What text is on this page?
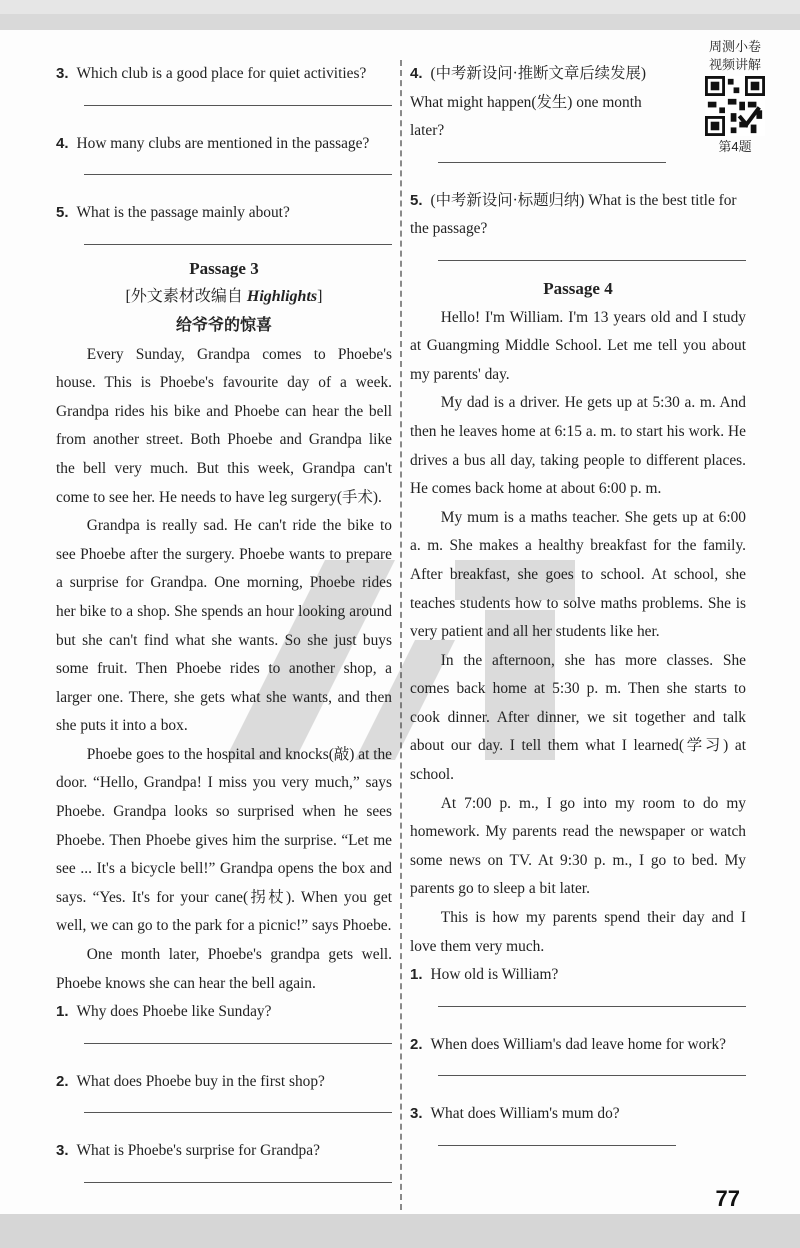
3. Which club is a good place for quiet activities?
4. How many clubs are mentioned in the passage?
5. What is the passage mainly about?
Passage 3
[外文素材改编自 Highlights]
给爷爷的惊喜

Every Sunday, Grandpa comes to Phoebe's house. This is Phoebe's favourite day of a week. Grandpa rides his bike and Phoebe can hear the bell from another street. Both Phoebe and Grandpa like the bell very much. But this week, Grandpa can't come to see her. He needs to have leg surgery(手术).

Grandpa is really sad. He can't ride the bike to see Phoebe after the surgery. Phoebe wants to prepare a surprise for Grandpa. One morning, Phoebe rides her bike to a shop. She spends an hour looking around but she can't find what she wants. So she just buys some fruit. Then Phoebe rides to another shop, a larger one. There, she gets what she wants, and then she puts it into a box.

Phoebe goes to the hospital and knocks(敲) at the door. “Hello, Grandpa! I miss you very much,” says Phoebe. Grandpa looks so surprised when he sees Phoebe. Then Phoebe gives him the surprise. “Let me see ... It's a bicycle bell!” Grandpa opens the box and says. “Yes. It's for your cane(拐杖). When you get well, we can go to the park for a picnic!” says Phoebe.

One month later, Phoebe's grandpa gets well. Phoebe knows she can hear the bell again.

1. Why does Phoebe like Sunday?
2. What does Phoebe buy in the first shop?
3. What is Phoebe's surprise for Grandpa?
4. (中考新设问·推断文章后续发展) What might happen(发生) one month later?
5. (中考新设问·标题归纳) What is the best title for the passage?
Passage 4

Hello! I'm William. I'm 13 years old and I study at Guangming Middle School. Let me tell you about my parents' day.

My dad is a driver. He gets up at 5:30 a. m. And then he leaves home at 6:15 a. m. to start his work. He drives a bus all day, taking people to different places. He comes back home at about 6:00 p. m.

My mum is a maths teacher. She gets up at 6:00 a. m. She makes a healthy breakfast for the family. After breakfast, she goes to school. At school, she teaches students how to solve maths problems. She is very patient and all her students like her.

In the afternoon, she has more classes. She comes back home at 5:30 p. m. Then she starts to cook dinner. After dinner, we sit together and talk about our day. I tell them what I learned(学习) at school.

At 7:00 p. m., I go into my room to do my homework. My parents read the newspaper or watch some news on TV. At 9:30 p. m., I go to bed. My parents go to sleep a bit later.

This is how my parents spend their day and I love them very much.

1. How old is William?
2. When does William's dad leave home for work?
3. What does William's mum do?
周测小卷
视频讲解
第4题
77
